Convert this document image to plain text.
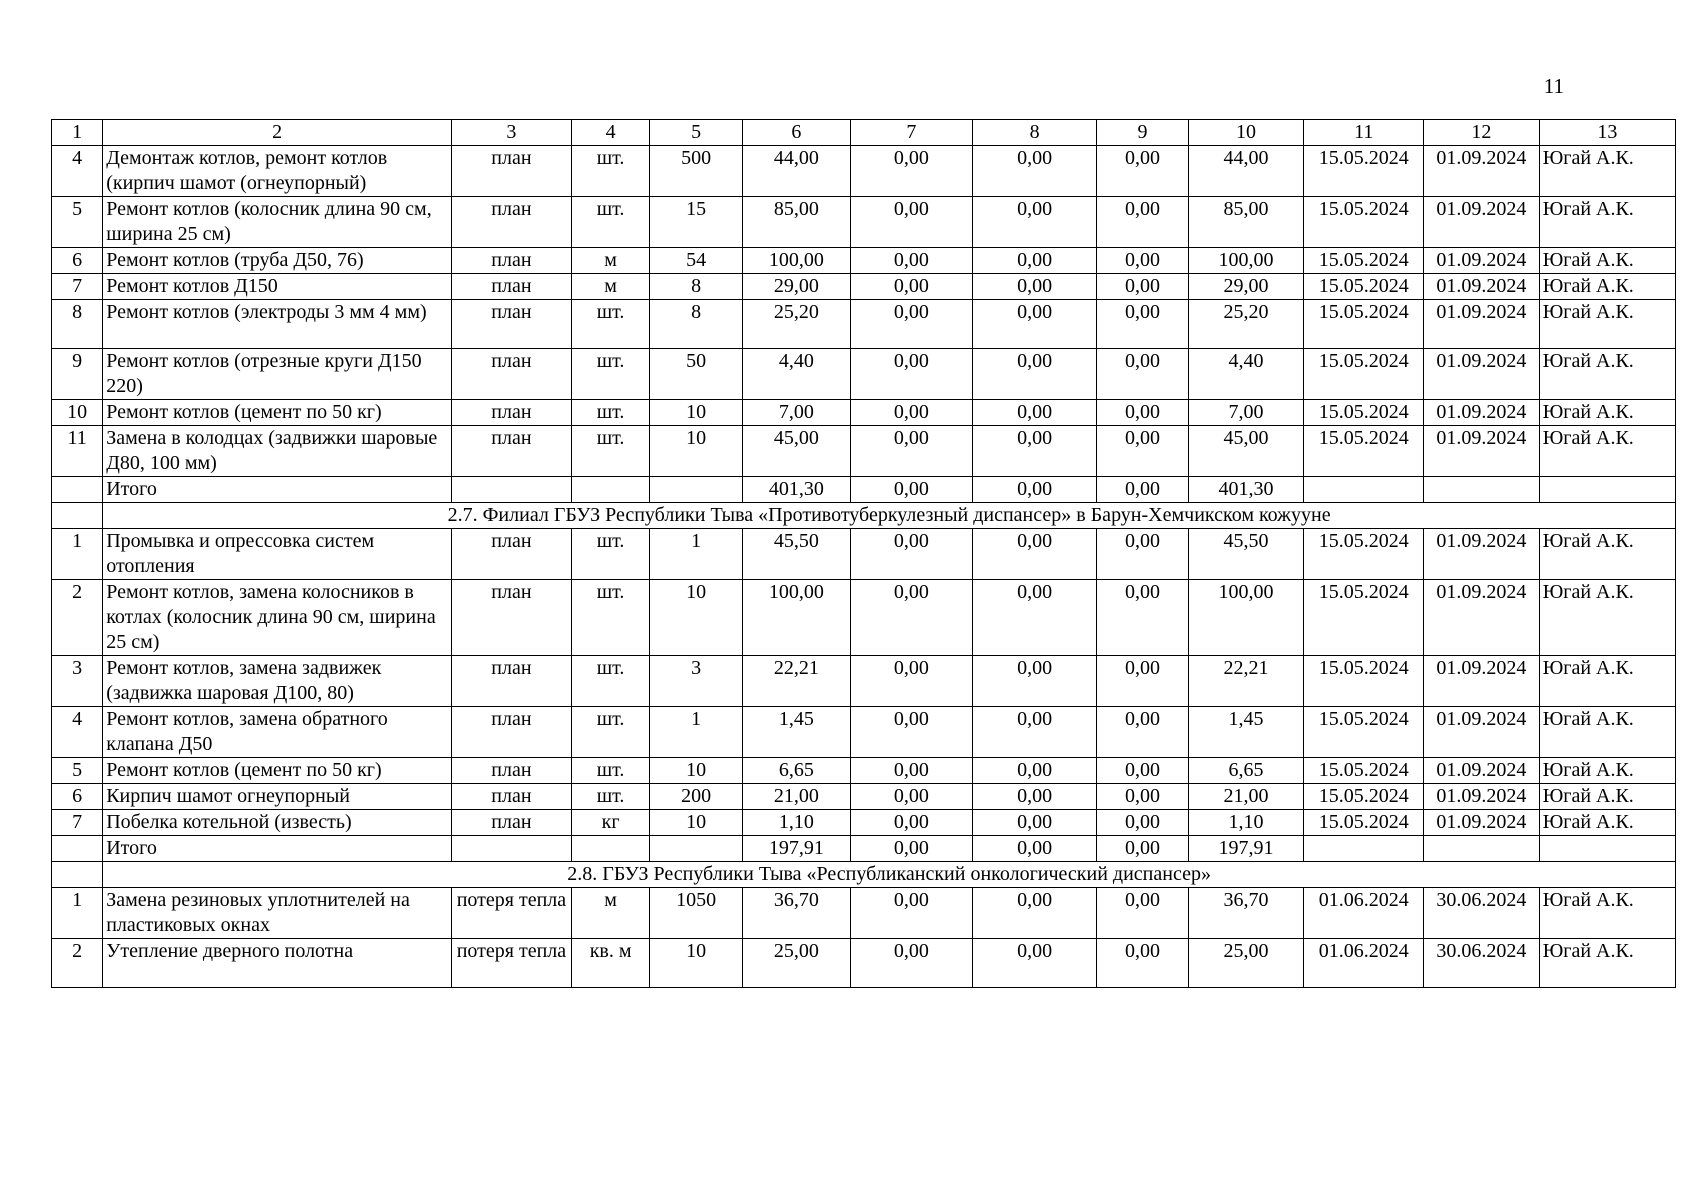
11
1	2	3	4	5	6	7	8	9	10	11	12	13
4	Демонтаж котлов, ремонт котлов (кирпич шамот (огнеупорный)	план	шт.	500	44,00	0,00	0,00	0,00	44,00	15.05.2024	01.09.2024	Югай А.К.
5	Ремонт котлов (колосник длина 90 см, ширина 25 см)	план	шт.	15	85,00	0,00	0,00	0,00	85,00	15.05.2024	01.09.2024	Югай А.К.
6	Ремонт котлов (труба Д50, 76)	план	м	54	100,00	0,00	0,00	0,00	100,00	15.05.2024	01.09.2024	Югай А.К.
7	Ремонт котлов Д150	план	м	8	29,00	0,00	0,00	0,00	29,00	15.05.2024	01.09.2024	Югай А.К.
8	Ремонт котлов (электроды 3 мм 4 мм)	план	шт.	8	25,20	0,00	0,00	0,00	25,20	15.05.2024	01.09.2024	Югай А.К.
9	Ремонт котлов (отрезные круги Д150 220)	план	шт.	50	4,40	0,00	0,00	0,00	4,40	15.05.2024	01.09.2024	Югай А.К.
10	Ремонт котлов (цемент по 50 кг)	план	шт.	10	7,00	0,00	0,00	0,00	7,00	15.05.2024	01.09.2024	Югай А.К.
11	Замена в колодцах (задвижки шаровые Д80, 100 мм)	план	шт.	10	45,00	0,00	0,00	0,00	45,00	15.05.2024	01.09.2024	Югай А.К.
	Итого				401,30	0,00	0,00	0,00	401,30			
	2.7. Филиал ГБУЗ Республики Тыва «Противотуберкулезный диспансер» в Барун-Хемчикском кожууне											
1	Промывка и опрессовка систем отопления	план	шт.	1	45,50	0,00	0,00	0,00	45,50	15.05.2024	01.09.2024	Югай А.К.
2	Ремонт котлов, замена колосников в котлах (колосник длина 90 см, ширина 25 см)	план	шт.	10	100,00	0,00	0,00	0,00	100,00	15.05.2024	01.09.2024	Югай А.К.
3	Ремонт котлов, замена задвижек (задвижка шаровая Д100, 80)	план	шт.	3	22,21	0,00	0,00	0,00	22,21	15.05.2024	01.09.2024	Югай А.К.
4	Ремонт котлов, замена обратного клапана Д50	план	шт.	1	1,45	0,00	0,00	0,00	1,45	15.05.2024	01.09.2024	Югай А.К.
5	Ремонт котлов (цемент по 50 кг)	план	шт.	10	6,65	0,00	0,00	0,00	6,65	15.05.2024	01.09.2024	Югай А.К.
6	Кирпич шамот огнеупорный	план	шт.	200	21,00	0,00	0,00	0,00	21,00	15.05.2024	01.09.2024	Югай А.К.
7	Побелка котельной (известь)	план	кг	10	1,10	0,00	0,00	0,00	1,10	15.05.2024	01.09.2024	Югай А.К.
	Итого				197,91	0,00	0,00	0,00	197,91			
	2.8. ГБУЗ Республики Тыва «Республиканский онкологический диспансер»											
1	Замена резиновых уплотнителей на пластиковых окнах	потеря тепла	м	1050	36,70	0,00	0,00	0,00	36,70	01.06.2024	30.06.2024	Югай А.К.
2	Утепление дверного полотна	потеря тепла	кв. м	10	25,00	0,00	0,00	0,00	25,00	01.06.2024	30.06.2024	Югай А.К.
